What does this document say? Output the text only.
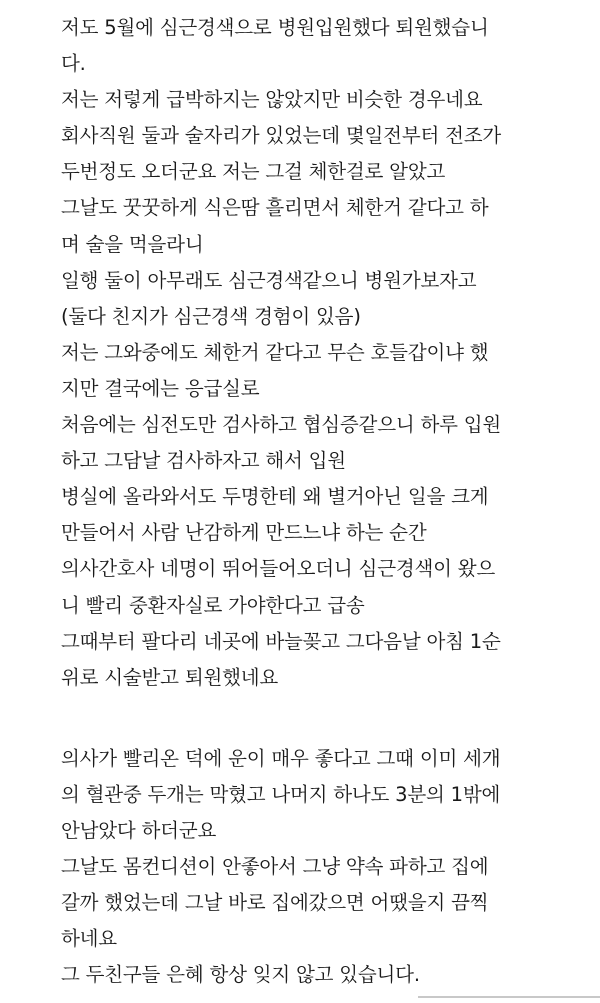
저도 5월에 심근경색으로 병원입원했다 퇴원했습니
다.
저는 저렇게 급박하지는 않았지만 비슷한 경우네요
회사직원 둘과 술자리가 있었는데 몇일전부터 전조가
두번정도 오더군요 저는 그걸 체한걸로 알았고
그날도 꿋꿋하게 식은땀 흘리면서 체한거 같다고 하
며 술을 먹을라니
일행 둘이 아무래도 심근경색같으니 병원가보자고
(둘다 친지가 심근경색 경험이 있음)
저는 그와중에도 체한거 같다고 무슨 호들갑이냐 했
지만 결국에는 응급실로
처음에는 심전도만 검사하고 협심증같으니 하루 입원
하고 그담날 검사하자고 해서 입원
병실에 올라와서도 두명한테 왜 별거아닌 일을 크게
만들어서 사람 난감하게 만드느냐 하는 순간
의사간호사 네명이 뛰어들어오더니 심근경색이 왔으
니 빨리 중환자실로 가야한다고 급송
그때부터 팔다리 네곳에 바늘꽂고 그다음날 아침 1순
위로 시술받고 퇴원했네요
의사가 빨리온 덕에 운이 매우 좋다고 그때 이미 세개
의 혈관중 두개는 막혔고 나머지 하나도 3분의 1밖에
안남았다 하더군요
그날도 몸컨디션이 안좋아서 그냥 약속 파하고 집에
갈까 했었는데 그날 바로 집에갔으면 어땠을지 끔찍
하네요
그 두친구들 은혜 항상 잊지 않고 있습니다.
